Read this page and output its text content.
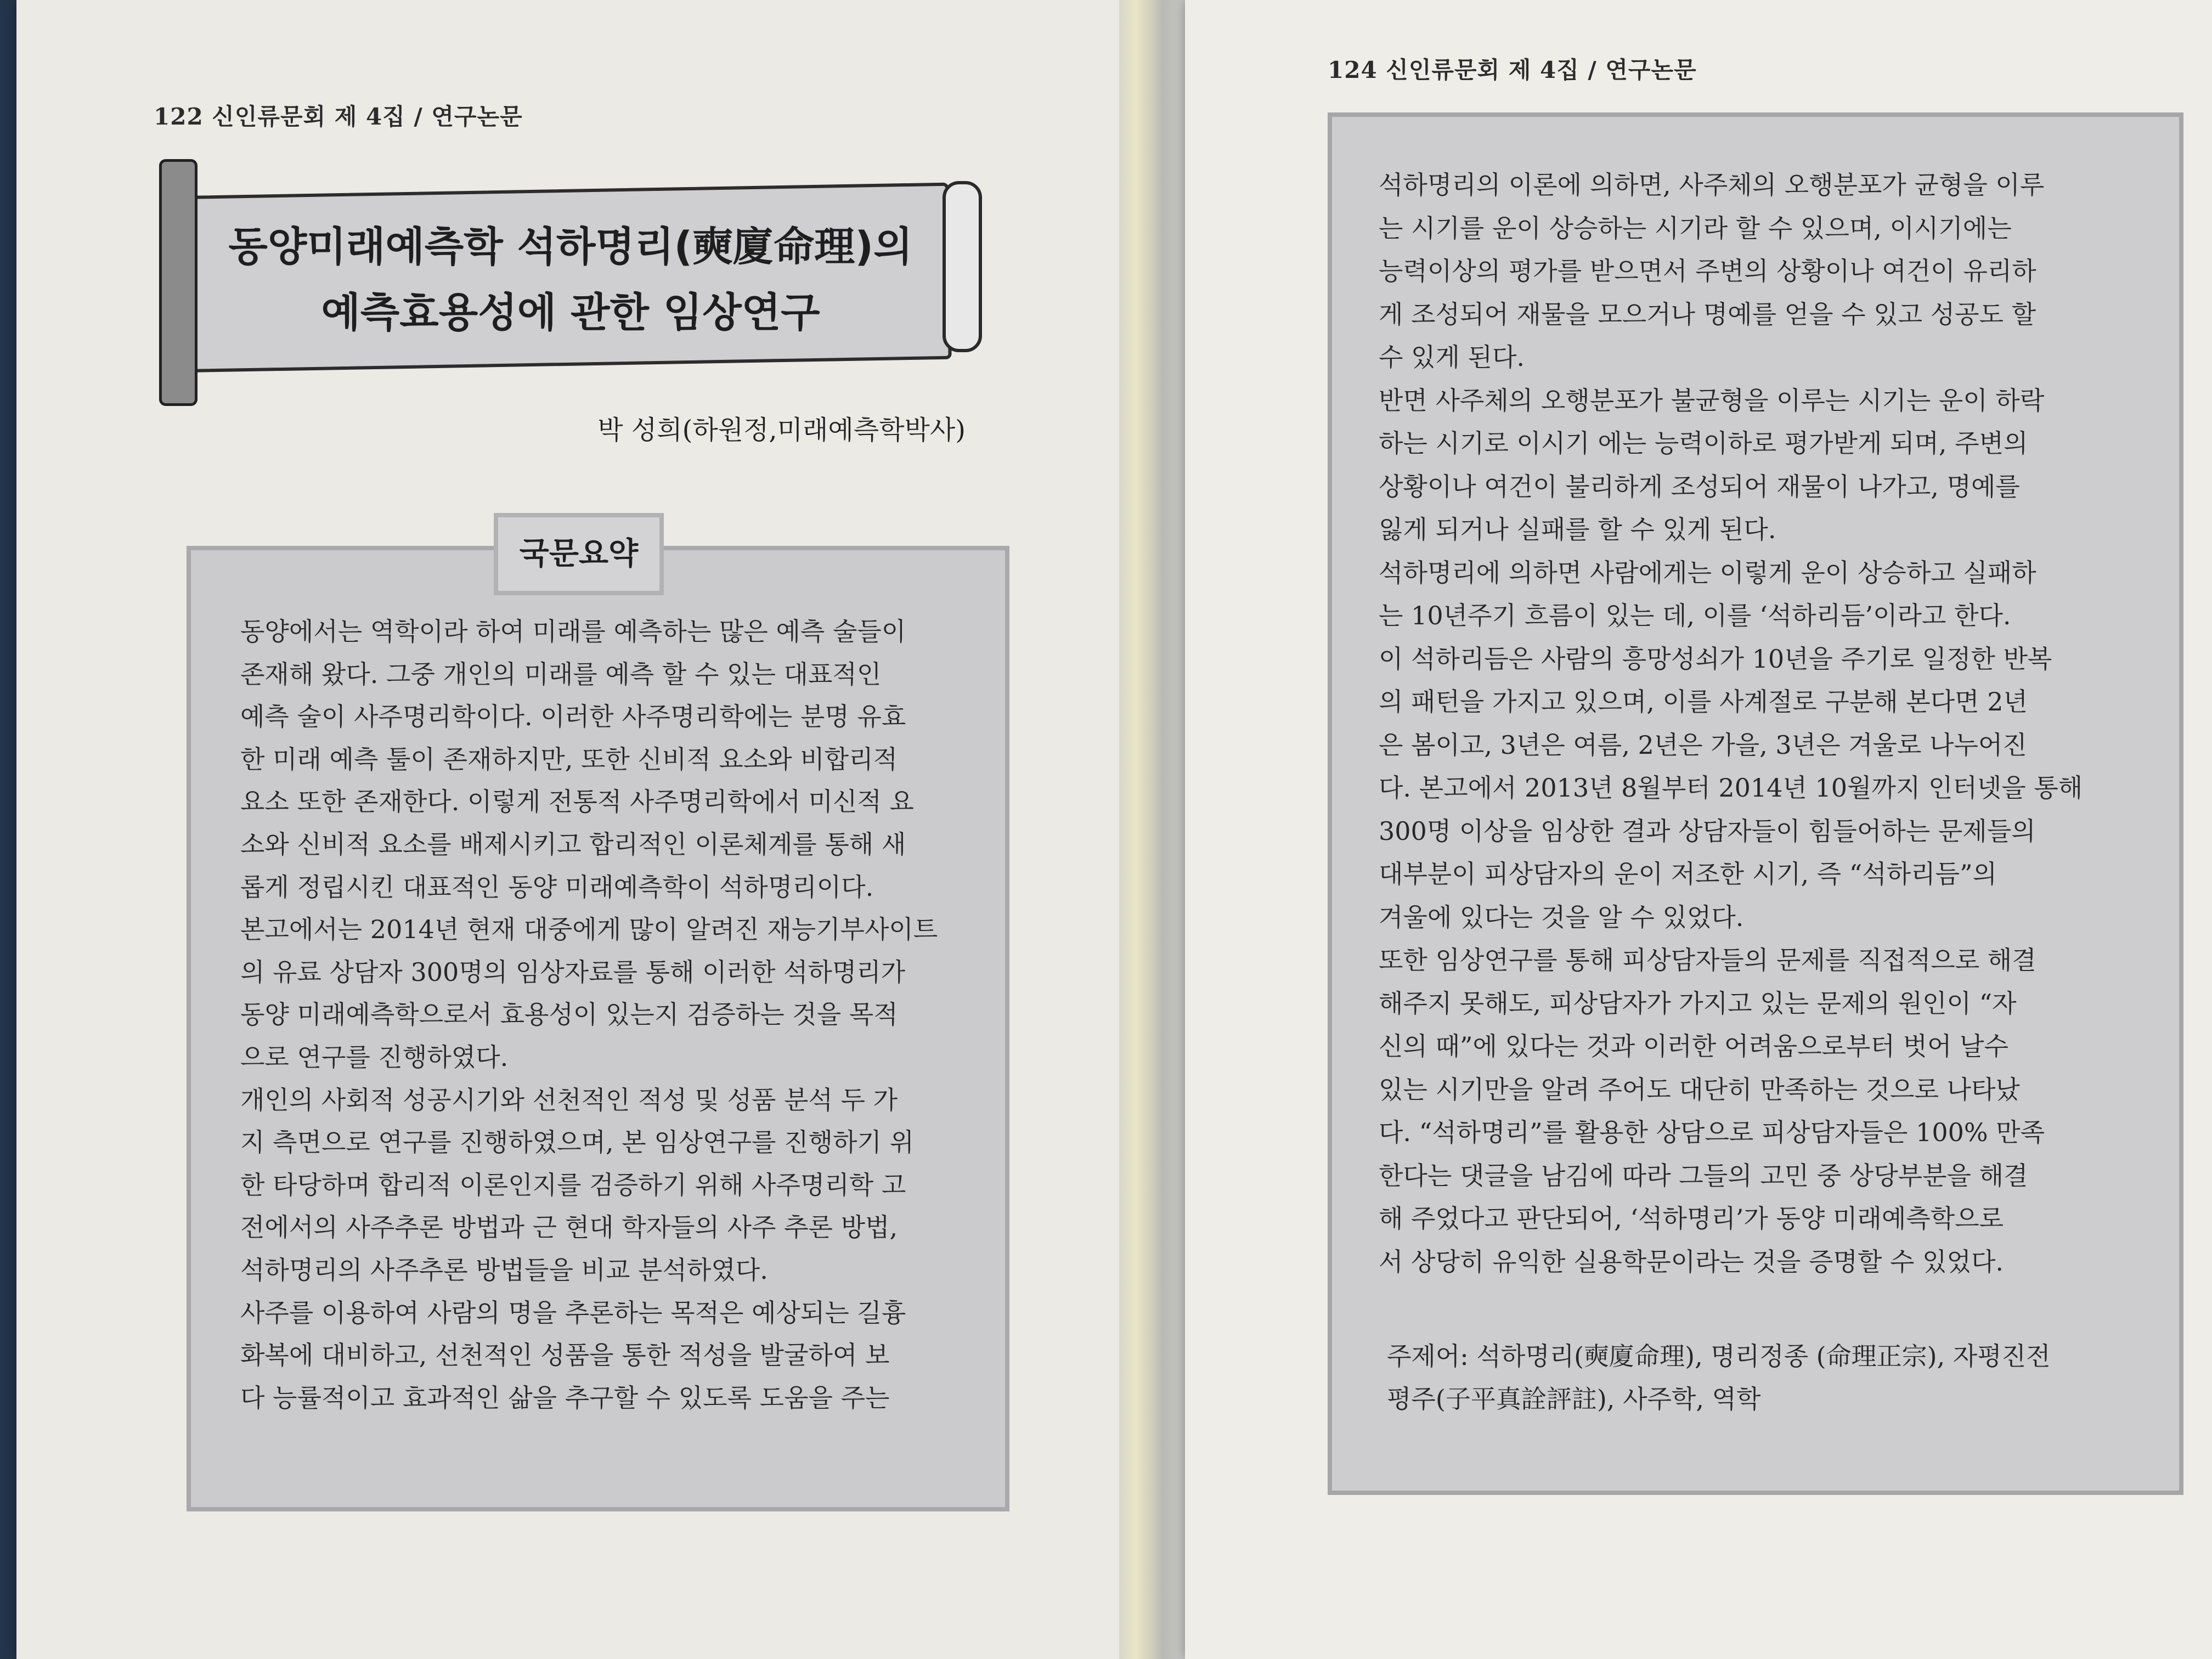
122 신인류문회 제 4집 / 연구논문
동양미래예측학 석하명리(奭廈命理)의
예측효용성에 관한 임상연구
박 성희(하원정,미래예측학박사)

동양에서는 역학이라 하여 미래를 예측하는 많은 예측 술들이
존재해 왔다. 그중 개인의 미래를 예측 할 수 있는 대표적인
예측 술이 사주명리학이다. 이러한 사주명리학에는 분명 유효
한 미래 예측 툴이 존재하지만, 또한 신비적 요소와 비합리적
요소 또한 존재한다. 이렇게 전통적 사주명리학에서 미신적 요
소와 신비적 요소를 배제시키고 합리적인 이론체계를 통해 새
롭게 정립시킨 대표적인 동양 미래예측학이 석하명리이다.
본고에서는 2014년 현재 대중에게 많이 알려진 재능기부사이트
의 유료 상담자 300명의 임상자료를 통해 이러한 석하명리가
동양 미래예측학으로서 효용성이 있는지 검증하는 것을 목적
으로 연구를 진행하였다.
개인의 사회적 성공시기와 선천적인 적성 및 성품 분석 두 가
지 측면으로 연구를 진행하였으며, 본 임상연구를 진행하기 위
한 타당하며 합리적 이론인지를 검증하기 위해 사주명리학 고
전에서의 사주추론 방법과 근 현대 학자들의 사주 추론 방법,
석하명리의 사주추론 방법들을 비교 분석하였다.
사주를 이용하여 사람의 명을 추론하는 목적은 예상되는 길흉
화복에 대비하고, 선천적인 성품을 통한 적성을 발굴하여 보
다 능률적이고 효과적인 삶을 추구할 수 있도록 도움을 주는

국문요약
124 신인류문회 제 4집 / 연구논문

석하명리의 이론에 의하면, 사주체의 오행분포가 균형을 이루
는 시기를 운이 상승하는 시기라 할 수 있으며, 이시기에는
능력이상의 평가를 받으면서 주변의 상황이나 여건이 유리하
게 조성되어 재물을 모으거나 명예를 얻을 수 있고 성공도 할
수 있게 된다.
반면 사주체의 오행분포가 불균형을 이루는 시기는 운이 하락
하는 시기로 이시기 에는 능력이하로 평가받게 되며, 주변의
상황이나 여건이 불리하게 조성되어 재물이 나가고, 명예를
잃게 되거나 실패를 할 수 있게 된다.
석하명리에 의하면 사람에게는 이렇게 운이 상승하고 실패하
는 10년주기 흐름이 있는 데, 이를 ‘석하리듬’이라고 한다.
이 석하리듬은 사람의 흥망성쇠가 10년을 주기로 일정한 반복
의 패턴을 가지고 있으며, 이를 사계절로 구분해 본다면 2년
은 봄이고, 3년은 여름, 2년은 가을, 3년은 겨울로 나누어진
다. 본고에서 2013년 8월부터 2014년 10월까지 인터넷을 통해
300명 이상을 임상한 결과 상담자들이 힘들어하는 문제들의
대부분이 피상담자의 운이 저조한 시기, 즉 “석하리듬”의
겨울에 있다는 것을 알 수 있었다.
또한 임상연구를 통해 피상담자들의 문제를 직접적으로 해결
해주지 못해도, 피상담자가 가지고 있는 문제의 원인이 “자
신의 때”에 있다는 것과 이러한 어려움으로부터 벗어 날수
있는 시기만을 알려 주어도 대단히 만족하는 것으로 나타났
다. “석하명리”를 활용한 상담으로 피상담자들은 100% 만족
한다는 댓글을 남김에 따라 그들의 고민 중 상당부분을 해결
해 주었다고 판단되어, ‘석하명리’가 동양 미래예측학으로
서 상당히 유익한 실용학문이라는 것을 증명할 수 있었다.

주제어: 석하명리(奭廈命理), 명리정종 (命理正宗), 자평진전
평주(子平真詮評註), 사주학, 역학
